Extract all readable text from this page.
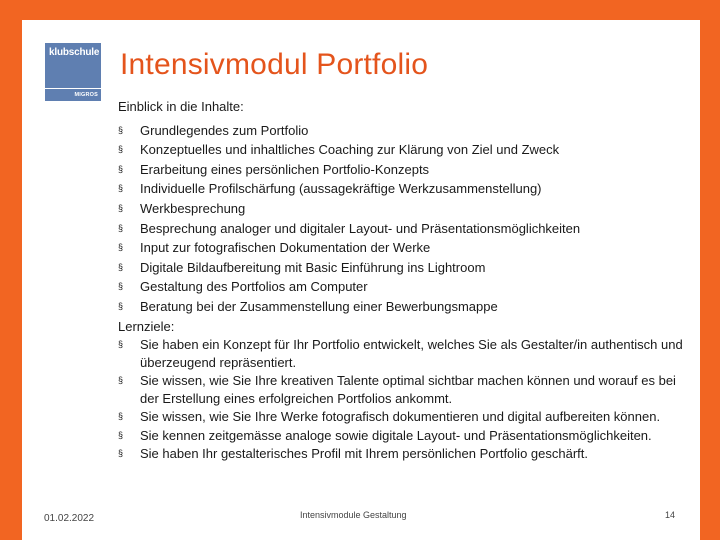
klubschule
MIGROS
Intensivmodul Portfolio
Einblick in die Inhalte:
§ Grundlegendes zum Portfolio
§ Konzeptuelles und inhaltliches Coaching zur Klärung von Ziel und Zweck
§ Erarbeitung eines persönlichen Portfolio-Konzepts
§ Individuelle Profilschärfung (aussagekräftige Werkzusammenstellung)
§ Werkbesprechung
§ Besprechung analoger und digitaler Layout- und Präsentationsmöglichkeiten
§ Input zur fotografischen Dokumentation der Werke
§ Digitale Bildaufbereitung mit Basic Einführung ins Lightroom
§ Gestaltung des Portfolios am Computer
§ Beratung bei der Zusammenstellung einer Bewerbungsmappe
Lernziele:
§ Sie haben ein Konzept für Ihr Portfolio entwickelt, welches Sie als Gestalter/in authentisch und überzeugend repräsentiert.
§ Sie wissen, wie Sie Ihre kreativen Talente optimal sichtbar machen können und worauf es bei der Erstellung eines erfolgreichen Portfolios ankommt.
§ Sie wissen, wie Sie Ihre Werke fotografisch dokumentieren und digital aufbereiten können.
§ Sie kennen zeitgemässe analoge sowie digitale Layout- und Präsentationsmöglichkeiten.
§ Sie haben Ihr gestalterisches Profil mit Ihrem persönlichen Portfolio geschärft.
01.02.2022	Intensivmodule Gestaltung	14
